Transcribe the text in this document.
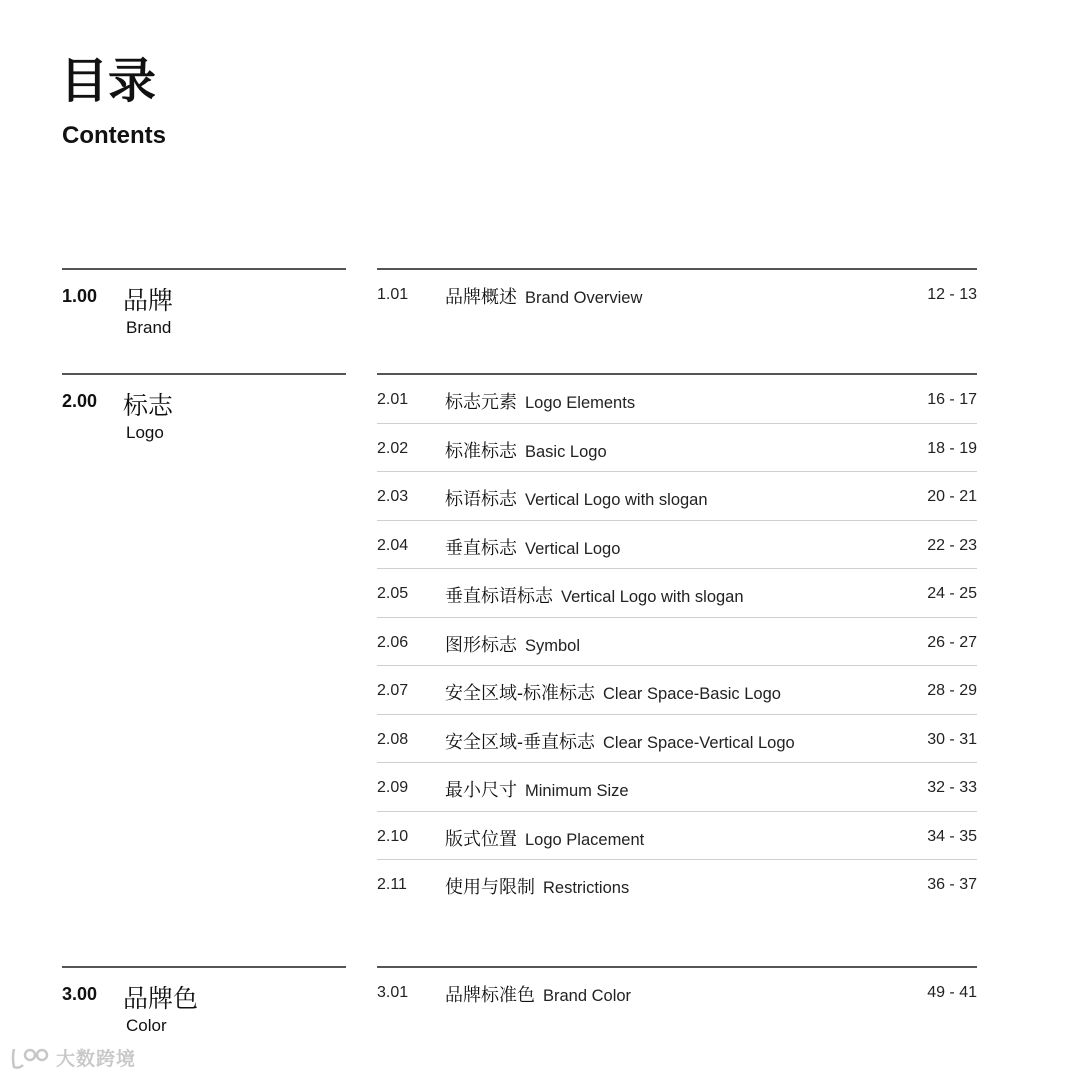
目录
Contents
1.00 品牌
Brand
1.01 品牌概述 Brand Overview	12 - 13
2.00 标志
Logo
2.01 标志元素 Logo Elements	16 - 17
2.02 标准标志 Basic Logo	18 - 19
2.03 标语标志 Vertical Logo with slogan	20 - 21
2.04 垂直标志 Vertical Logo	22 - 23
2.05 垂直标语标志 Vertical Logo with slogan	24 - 25
2.06 图形标志 Symbol	26 - 27
2.07 安全区域-标准标志 Clear Space-Basic Logo	28 - 29
2.08 安全区域-垂直标志 Clear Space-Vertical Logo	30 - 31
2.09 最小尺寸 Minimum Size	32 - 33
2.10 版式位置 Logo Placement	34 - 35
2.11 使用与限制 Restrictions	36 - 37
3.00 品牌色
Color
3.01 品牌标准色 Brand Color	49 - 41
大数跨境
